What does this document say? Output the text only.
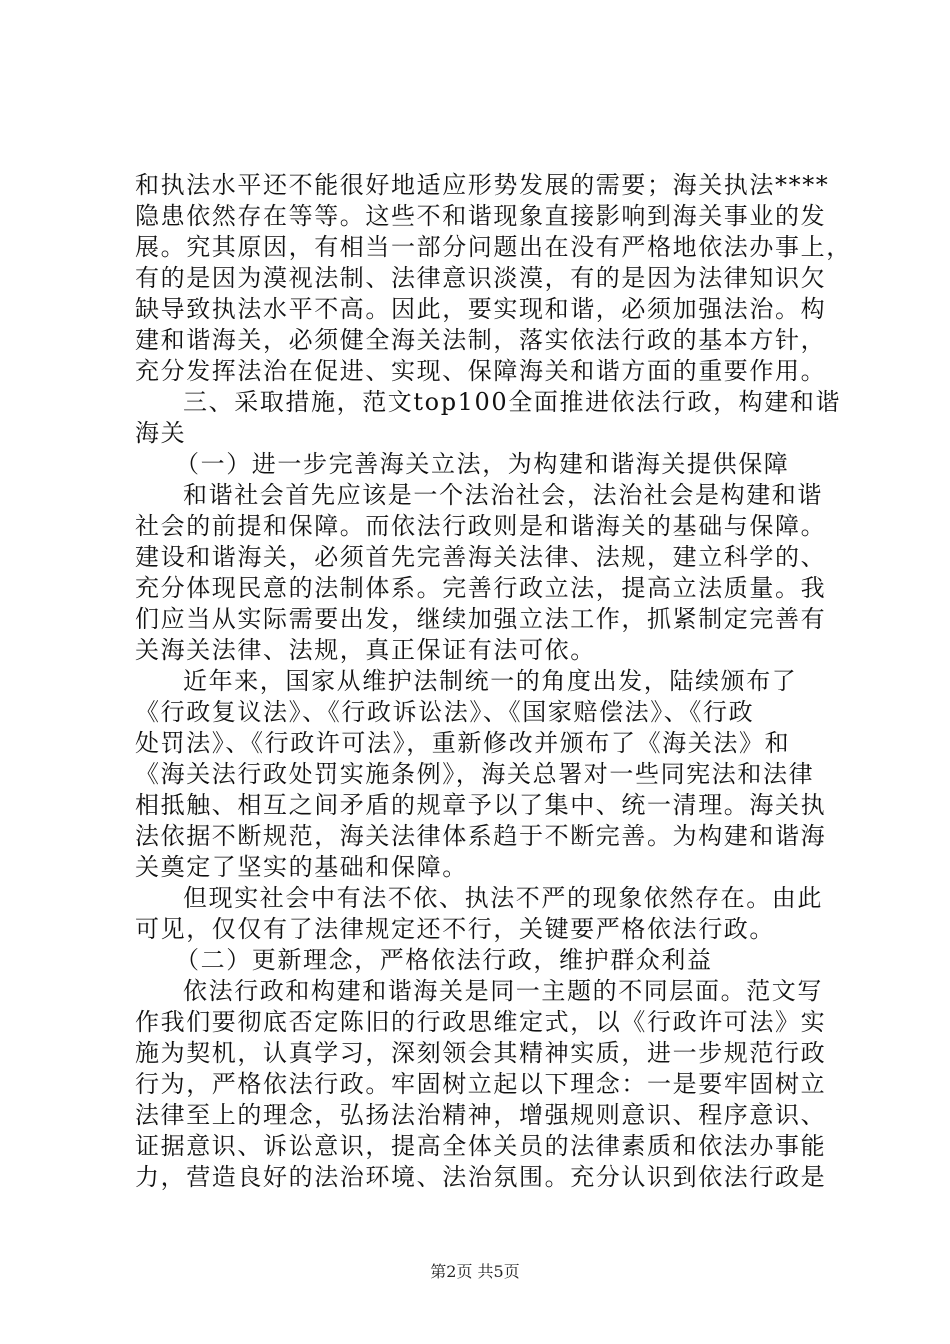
和执法水平还不能很好地适应形势发展的需要；海关执法****
隐患依然存在等等。这些不和谐现象直接影响到海关事业的发
展。究其原因，有相当一部分问题出在没有严格地依法办事上，
有的是因为漠视法制、法律意识淡漠，有的是因为法律知识欠
缺导致执法水平不高。因此，要实现和谐，必须加强法治。构
建和谐海关，必须健全海关法制，落实依法行政的基本方针，
充分发挥法治在促进、实现、保障海关和谐方面的重要作用。
三、采取措施，范文top100全面推进依法行政，构建和谐
海关
（一）进一步完善海关立法，为构建和谐海关提供保障
和谐社会首先应该是一个法治社会，法治社会是构建和谐
社会的前提和保障。而依法行政则是和谐海关的基础与保障。
建设和谐海关，必须首先完善海关法律、法规，建立科学的、
充分体现民意的法制体系。完善行政立法，提高立法质量。我
们应当从实际需要出发，继续加强立法工作，抓紧制定完善有
关海关法律、法规，真正保证有法可依。
近年来，国家从维护法制统一的角度出发，陆续颁布了
《行政复议法》、《行政诉讼法》、《国家赔偿法》、《行政
处罚法》、《行政许可法》，重新修改并颁布了《海关法》和
《海关法行政处罚实施条例》，海关总署对一些同宪法和法律
相抵触、相互之间矛盾的规章予以了集中、统一清理。海关执
法依据不断规范，海关法律体系趋于不断完善。为构建和谐海
关奠定了坚实的基础和保障。
但现实社会中有法不依、执法不严的现象依然存在。由此
可见，仅仅有了法律规定还不行，关键要严格依法行政。
（二）更新理念，严格依法行政，维护群众利益
依法行政和构建和谐海关是同一主题的不同层面。范文写
作我们要彻底否定陈旧的行政思维定式，以《行政许可法》实
施为契机，认真学习，深刻领会其精神实质，进一步规范行政
行为，严格依法行政。牢固树立起以下理念：一是要牢固树立
法律至上的理念，弘扬法治精神，增强规则意识、程序意识、
证据意识、诉讼意识，提高全体关员的法律素质和依法办事能
力，营造良好的法治环境、法治氛围。充分认识到依法行政是
第2页 共5页
